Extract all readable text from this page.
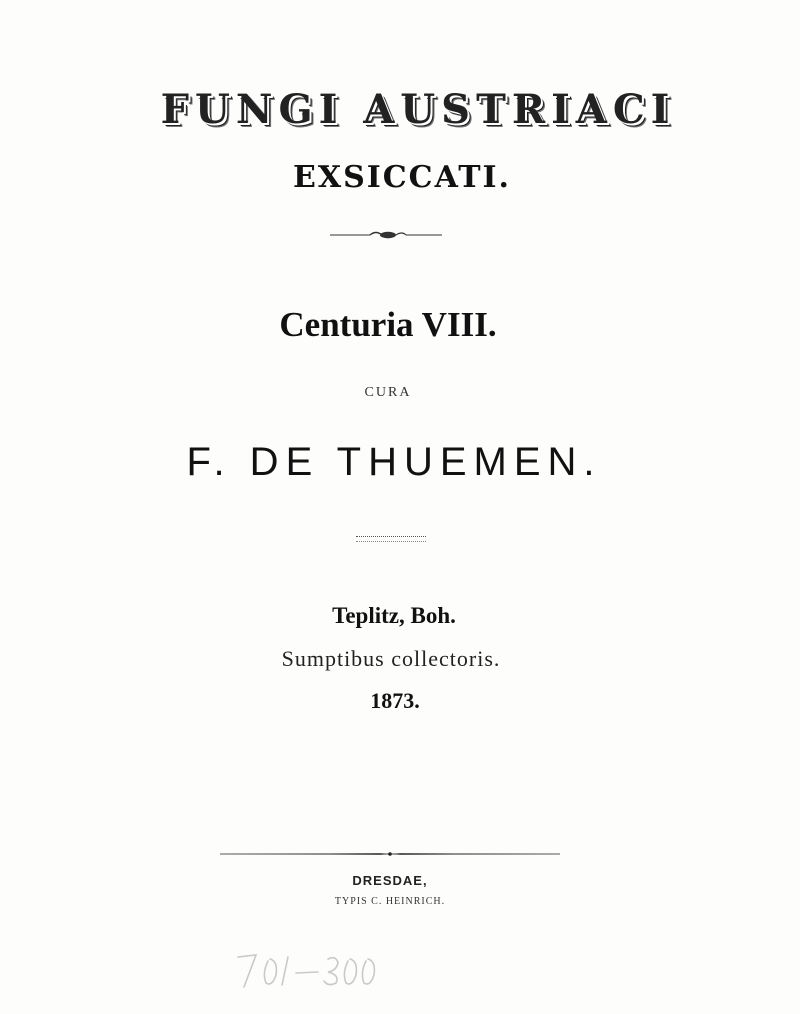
FUNGI AUSTRIACI
EXSICCATI.
Centuria VIII.
CURA
F. DE THUEMEN.
Teplitz, Boh.
Sumptibus collectoris.
1873.
DRESDAE,
TYPIS C. HEINRICH.
